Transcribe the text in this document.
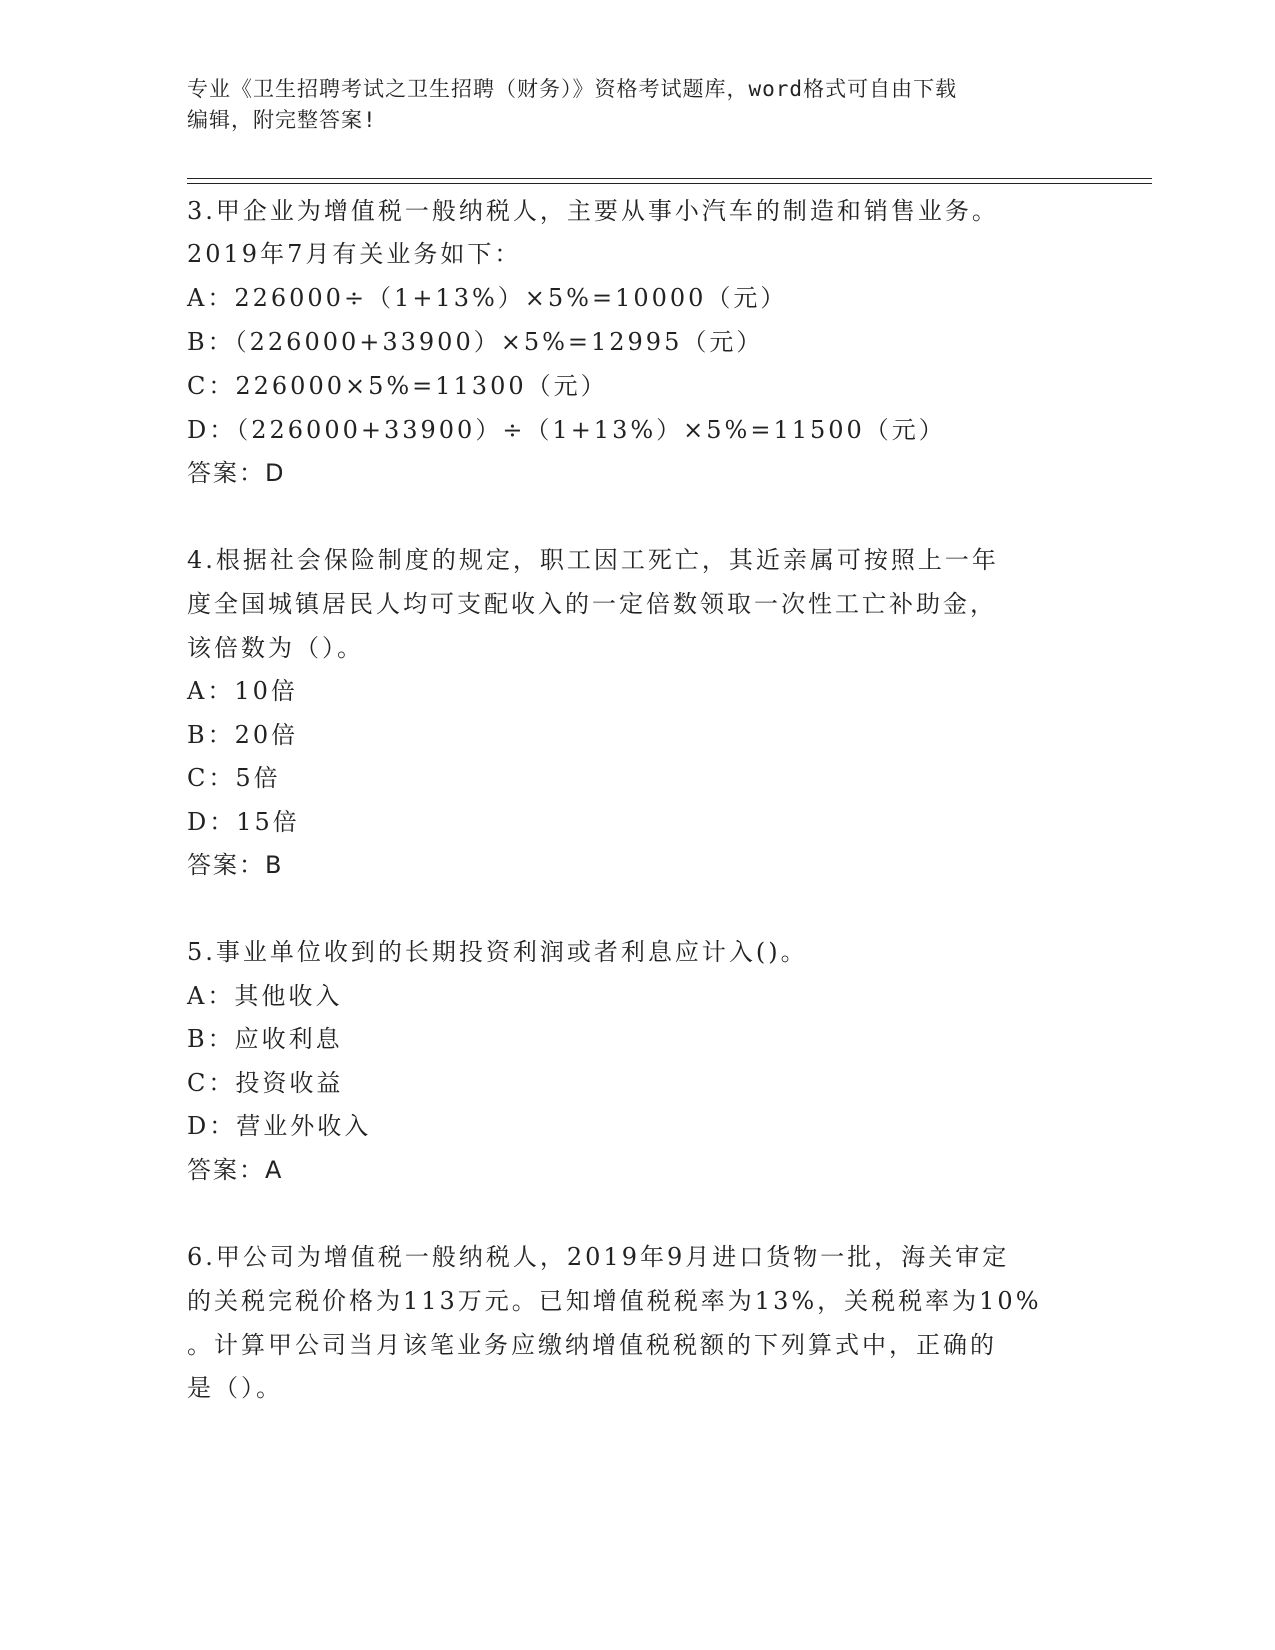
专业《卫生招聘考试之卫生招聘（财务）》资格考试题库，word格式可自由下载
编辑，附完整答案!
3.甲企业为增值税一般纳税人，主要从事小汽车的制造和销售业务。
2019年7月有关业务如下：
A：226000÷（1+13%）×5%=10000（元）
B：（226000+33900）×5%=12995（元）
C：226000×5%=11300（元）
D：（226000+33900）÷（1+13%）×5%=11500（元）
答案：D
4.根据社会保险制度的规定，职工因工死亡，其近亲属可按照上一年
度全国城镇居民人均可支配收入的一定倍数领取一次性工亡补助金，
该倍数为（）。
A：10倍
B：20倍
C：5倍
D：15倍
答案：B
5.事业单位收到的长期投资利润或者利息应计入()。
A：其他收入
B：应收利息
C：投资收益
D：营业外收入
答案：A
6.甲公司为增值税一般纳税人，2019年9月进口货物一批，海关审定
的关税完税价格为113万元。已知增值税税率为13%，关税税率为10%
。计算甲公司当月该笔业务应缴纳增值税税额的下列算式中，正确的
是（）。
